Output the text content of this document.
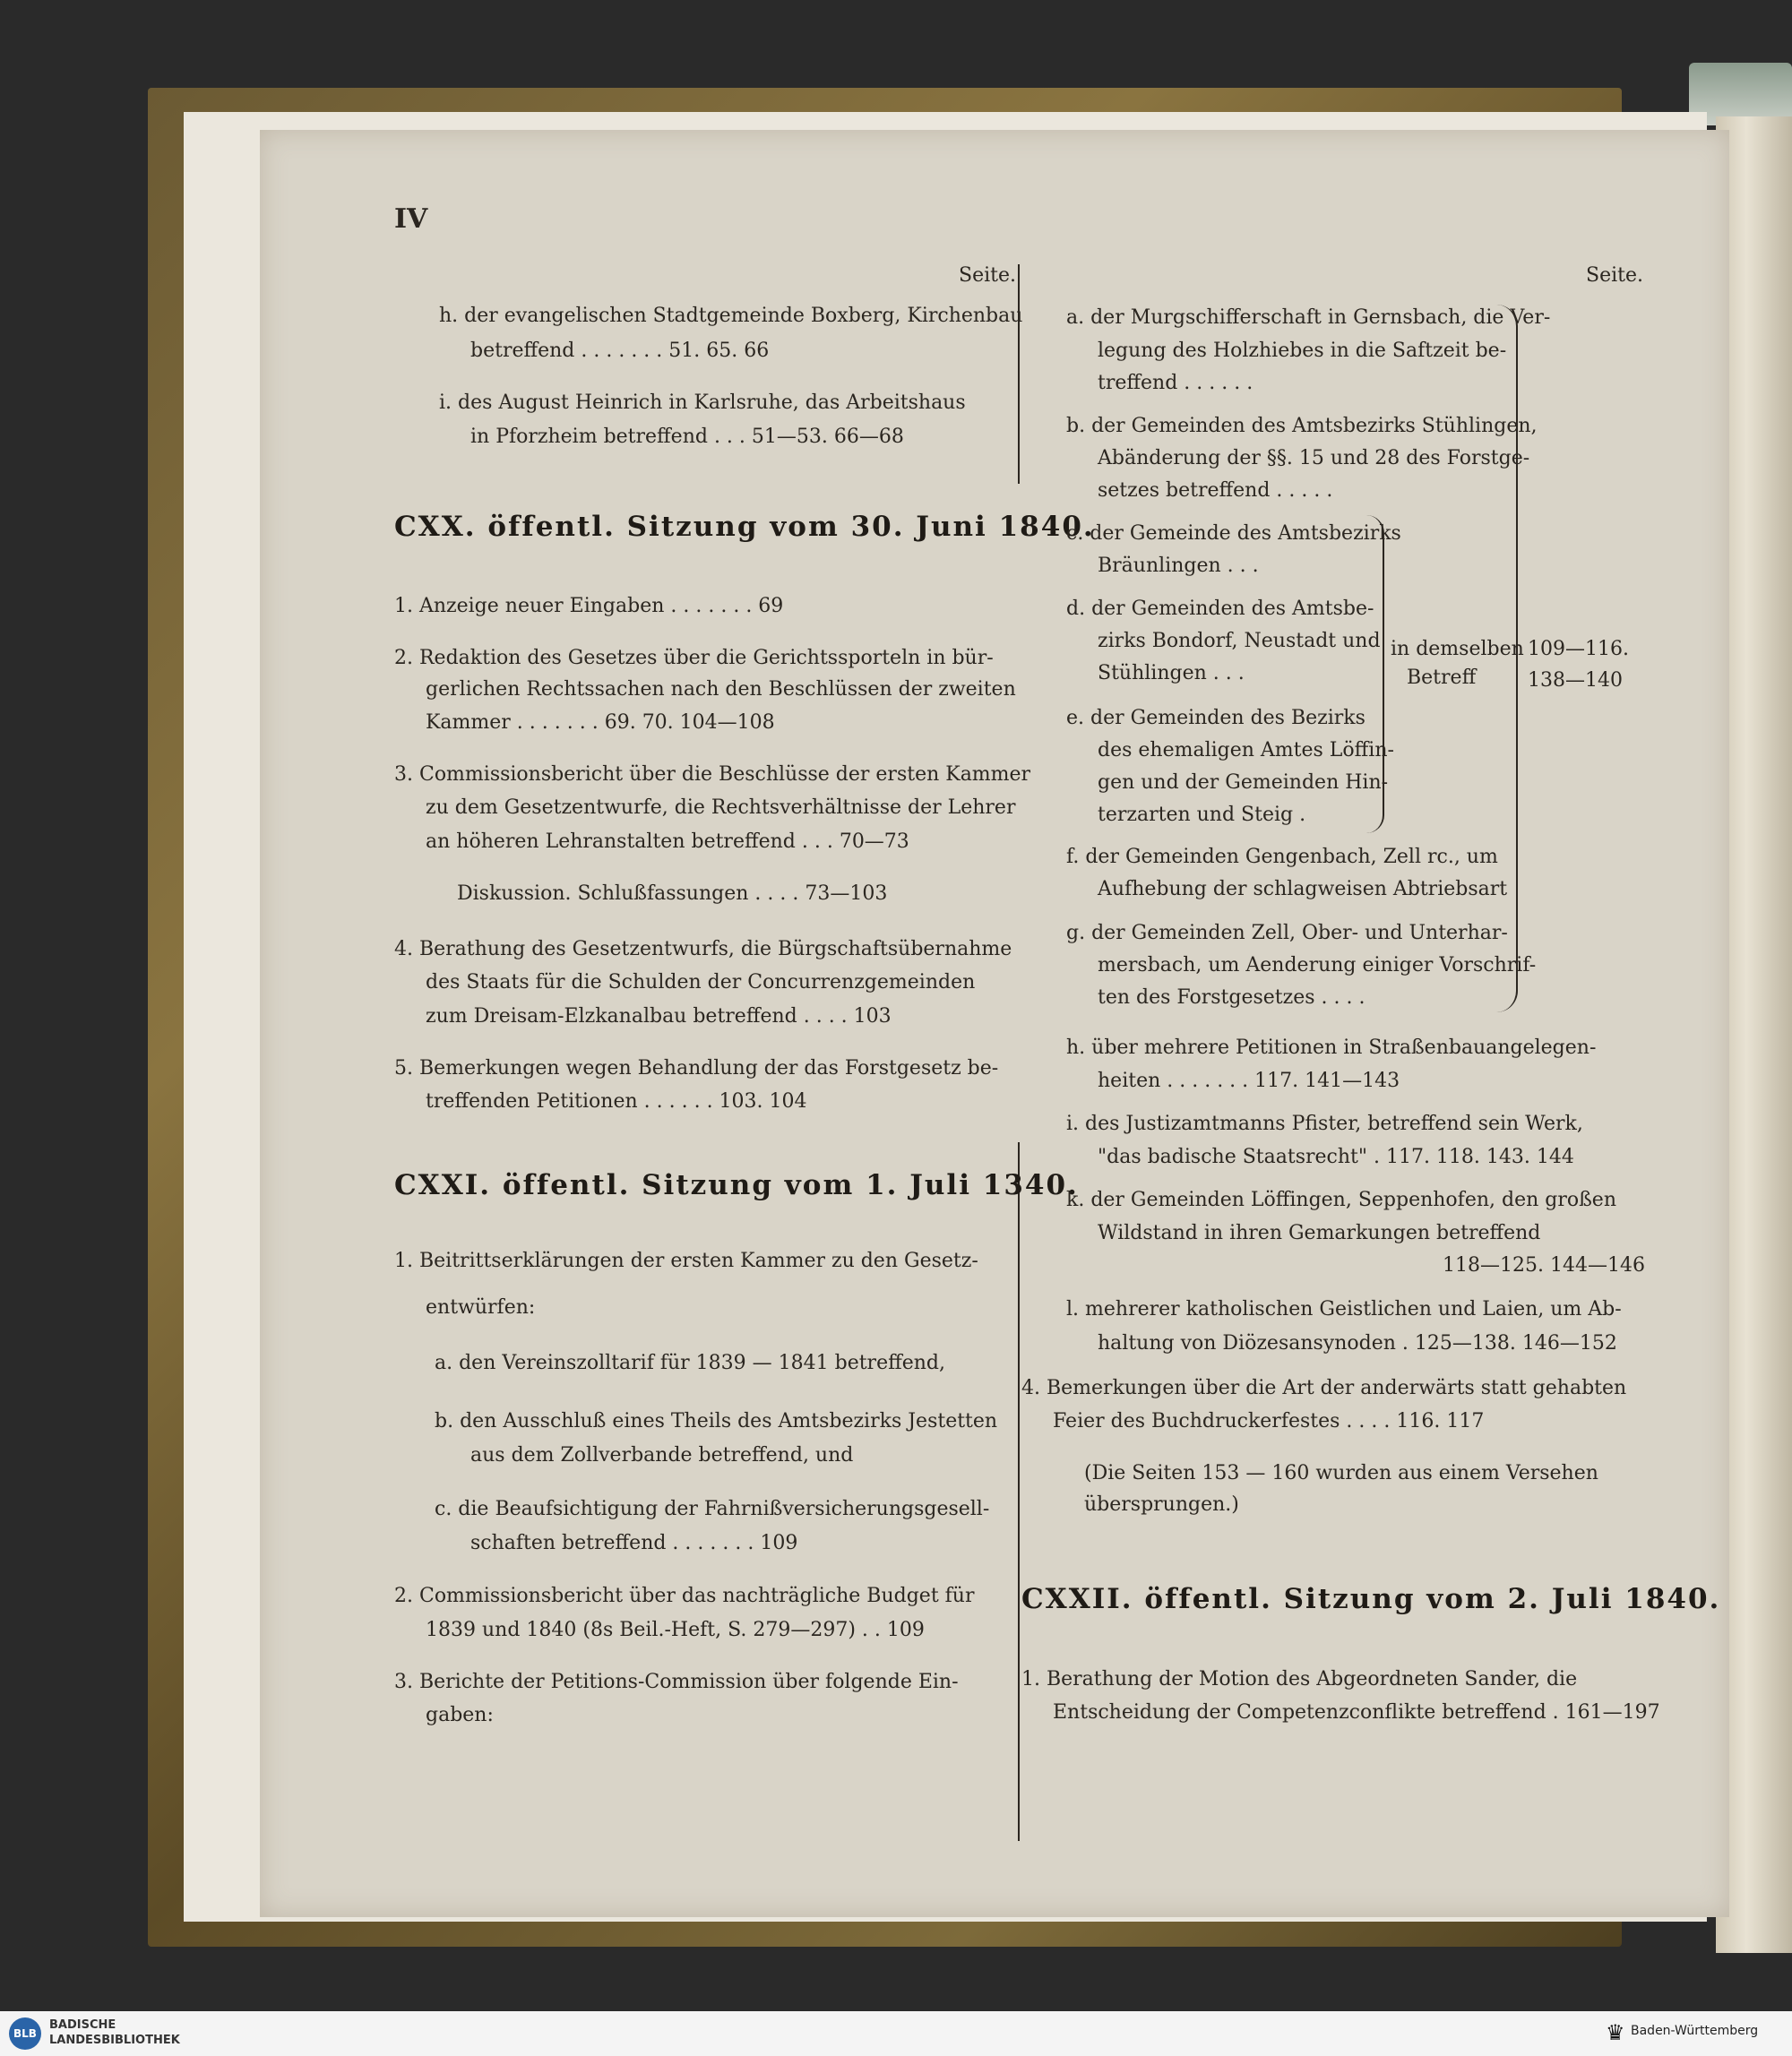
IV
Seite.
h. der evangelischen Stadtgemeinde Boxberg, Kirchenbau
betreffend . . . . . . . 51. 65. 66
i. des August Heinrich in Karlsruhe, das Arbeitshaus
in Pforzheim betreffend . . . 51—53. 66—68
CXX. öffentl. Sitzung vom 30. Juni 1840.
1. Anzeige neuer Eingaben . . . . . . . 69
2. Redaktion des Gesetzes über die Gerichtssporteln in bür-
gerlichen Rechtssachen nach den Beschlüssen der zweiten
Kammer . . . . . . . 69. 70. 104—108
3. Commissionsbericht über die Beschlüsse der ersten Kammer
zu dem Gesetzentwurfe, die Rechtsverhältnisse der Lehrer
an höheren Lehranstalten betreffend . . . 70—73
Diskussion. Schlußfassungen . . . . 73—103
4. Berathung des Gesetzentwurfs, die Bürgschaftsübernahme
des Staats für die Schulden der Concurrenzgemeinden
zum Dreisam-Elzkanalbau betreffend . . . . 103
5. Bemerkungen wegen Behandlung der das Forstgesetz be-
treffenden Petitionen . . . . . . 103. 104
CXXI. öffentl. Sitzung vom 1. Juli 1340.
1. Beitrittserklärungen der ersten Kammer zu den Gesetz-
entwürfen:
a. den Vereinszolltarif für 1839 — 1841 betreffend,
b. den Ausschluß eines Theils des Amtsbezirks Jestetten
aus dem Zollverbande betreffend, und
c. die Beaufsichtigung der Fahrnißversicherungsgesell-
schaften betreffend . . . . . . . 109
2. Commissionsbericht über das nachträgliche Budget für
1839 und 1840 (8s Beil.-Heft, S. 279—297) . . 109
3. Berichte der Petitions-Commission über folgende Ein-
gaben:
Seite.
a. der Murgschifferschaft in Gernsbach, die Ver-
legung des Holzhiebes in die Saftzeit be-
treffend . . . . . .
b. der Gemeinden des Amtsbezirks Stühlingen,
Abänderung der §§. 15 und 28 des Forstge-
setzes betreffend . . . . .
c. der Gemeinde des Amtsbezirks
Bräunlingen . . .
d. der Gemeinden des Amtsbe-
zirks Bondorf, Neustadt und
Stühlingen . . .
e. der Gemeinden des Bezirks
des ehemaligen Amtes Löffin-
gen und der Gemeinden Hin-
terzarten und Steig .
in demselben
Betreff
109—116.
138—140
f. der Gemeinden Gengenbach, Zell rc., um
Aufhebung der schlagweisen Abtriebsart
g. der Gemeinden Zell, Ober- und Unterhar-
mersbach, um Aenderung einiger Vorschrif-
ten des Forstgesetzes . . . .
h. über mehrere Petitionen in Straßenbauangelegen-
heiten . . . . . . . 117. 141—143
i. des Justizamtmanns Pfister, betreffend sein Werk,
"das badische Staatsrecht" . 117. 118. 143. 144
k. der Gemeinden Löffingen, Seppenhofen, den großen
Wildstand in ihren Gemarkungen betreffend
118—125. 144—146
l. mehrerer katholischen Geistlichen und Laien, um Ab-
haltung von Diözesansynoden . 125—138. 146—152
4. Bemerkungen über die Art der anderwärts statt gehabten
Feier des Buchdruckerfestes . . . . 116. 117
(Die Seiten 153 — 160 wurden aus einem Versehen
übersprungen.)
CXXII. öffentl. Sitzung vom 2. Juli 1840.
1. Berathung der Motion des Abgeordneten Sander, die
Entscheidung der Competenzconflikte betreffend . 161—197
BLB
BADISCHE
LANDESBIBLIOTHEK	♛ Baden-Württemberg
